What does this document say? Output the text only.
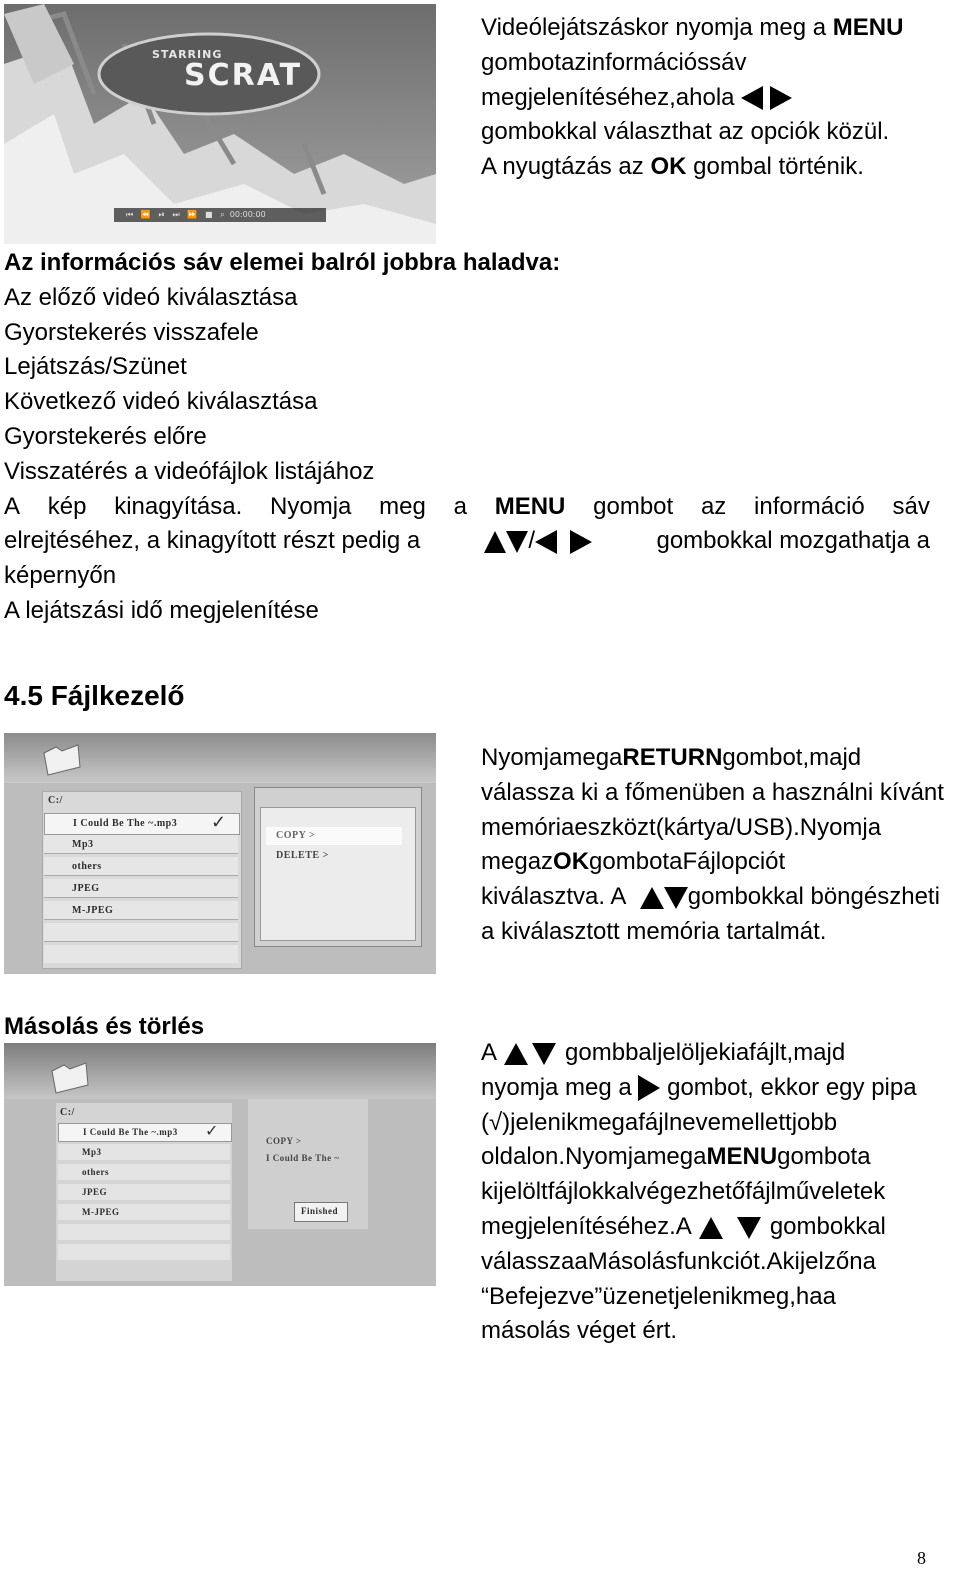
STARRING
SCRAT
⏮ ⏪ ⏯ ⏭ ⏩ ■ ⌕ 00:00:00
Videólejátszáskor nyomja meg a MENU
gombotazinformációssáv
megjelenítéséhez,ahola
gombokkal választhat az opciók közül.
A nyugtázás az OK gombal történik.
Az információs sáv elemei balról jobbra haladva:
Az előző videó kiválasztása
Gyorstekerés visszafele
Lejátszás/Szünet
Következő videó kiválasztása
Gyorstekerés előre
Visszatérés a videófájlok listájához
A kép kinagyítása. Nyomja meg a MENU gombot az információ sáv
elrejtéséhez, a kinagyított részt pedig a	/	gombokkal mozgathatja a
képernyőn
A lejátszási idő megjelenítése
4.5 Fájlkezelő
C:/
I Could Be The ~.mp3 ✓
Mp3
others
JPEG
M-JPEG
COPY >
DELETE >
NyomjamegaRETURNgombot,majd
válassza ki a főmenüben a használni kívánt
memóriaeszközt(kártya/USB).Nyomja
megazOKgombotaFájlopciót
kiválasztva. A	gombokkal böngészheti
a kiválasztott memória tartalmát.
Másolás és törlés
C:/
I Could Be The ~.mp3 ✓
Mp3
others
JPEG
M-JPEG
COPY >
I Could Be The ~
Finished
A	gombbaljelöljekiafájlt,majd
nyomja meg a gombot, ekkor egy pipa
(√)jelenikmegafájlnevemellettjobb
oldalon.NyomjamegaMENUgombota
kijelöltfájlokkalvégezhetőfájlműveletek
megjelenítéséhez.A	gombokkal
válasszaaMásolásfunkciót.Akijelzőna
“Befejezve”üzenetjelenikmeg,haa
másolás véget ért.
8
